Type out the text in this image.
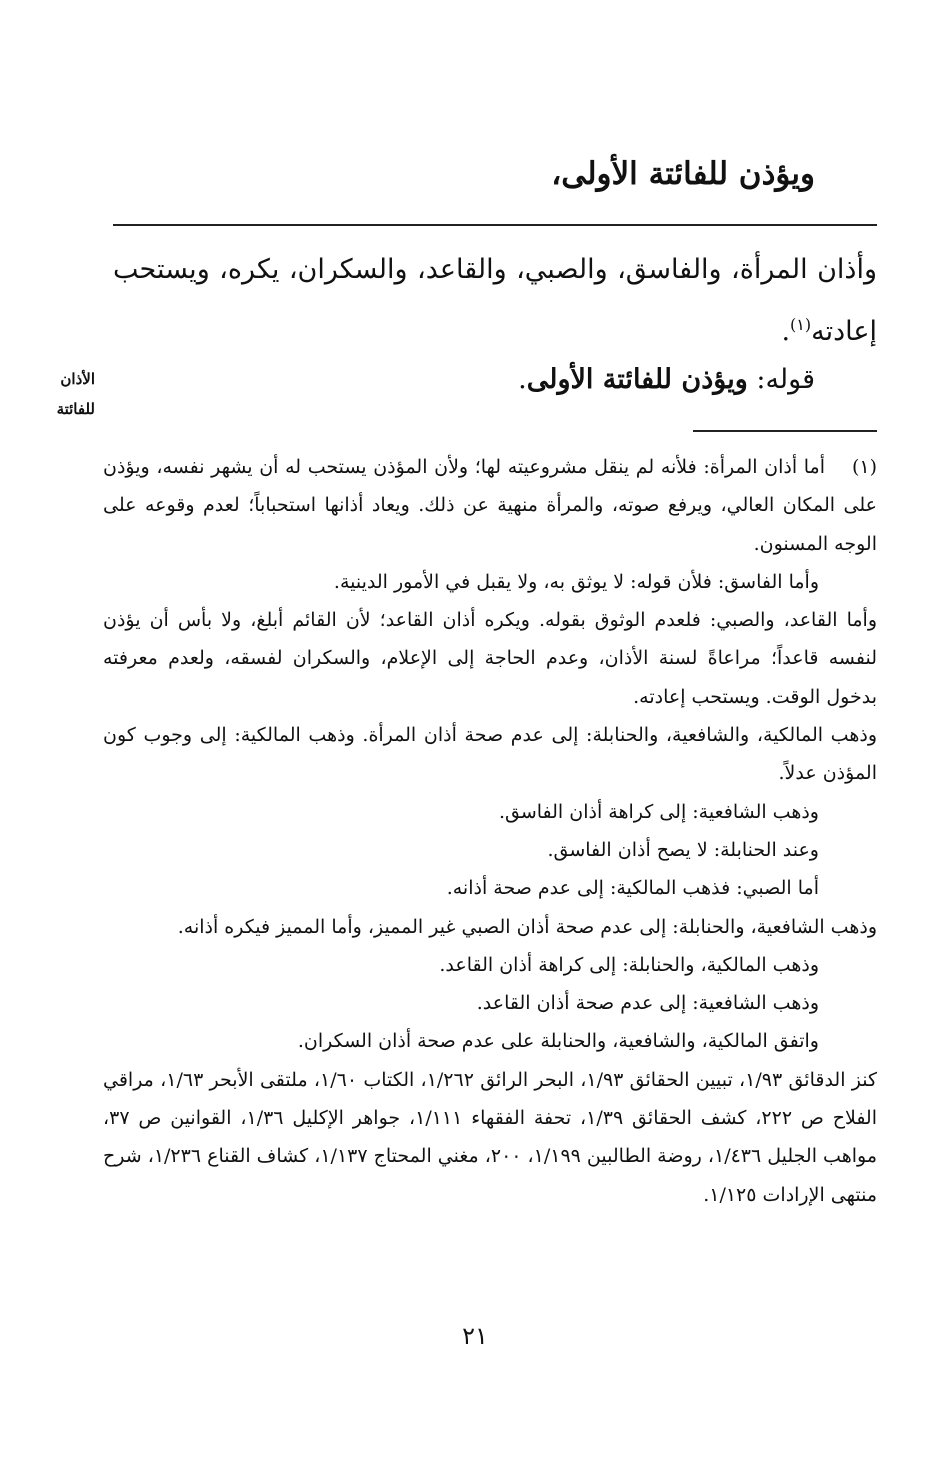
ويؤذن للفائتة الأولى،

وأذان المرأة، والفاسق، والصبي، والقاعد، والسكران، يكره، ويستحب إعادته$^{(١)}$.

الأذان
للفائتة

قوله: ويؤذن للفائتة الأولى.

(١)أما أذان المرأة: فلأنه لم ينقل مشروعيته لها؛ ولأن المؤذن يستحب له أن يشهر نفسه، ويؤذن على المكان العالي، ويرفع صوته، والمرأة منهية عن ذلك. ويعاد أذانها استحباباً؛ لعدم وقوعه على الوجه المسنون.

وأما الفاسق: فلأن قوله: لا يوثق به، ولا يقبل في الأمور الدينية.

وأما القاعد، والصبي: فلعدم الوثوق بقوله. ويكره أذان القاعد؛ لأن القائم أبلغ، ولا بأس أن يؤذن لنفسه قاعداً؛ مراعاةً لسنة الأذان، وعدم الحاجة إلى الإعلام، والسكران لفسقه، ولعدم معرفته بدخول الوقت. ويستحب إعادته.

وذهب المالكية، والشافعية، والحنابلة: إلى عدم صحة أذان المرأة. وذهب المالكية: إلى وجوب كون المؤذن عدلاً.

وذهب الشافعية: إلى كراهة أذان الفاسق.

وعند الحنابلة: لا يصح أذان الفاسق.

أما الصبي: فذهب المالكية: إلى عدم صحة أذانه.

وذهب الشافعية، والحنابلة: إلى عدم صحة أذان الصبي غير المميز، وأما المميز فيكره أذانه.

وذهب المالكية، والحنابلة: إلى كراهة أذان القاعد.

وذهب الشافعية: إلى عدم صحة أذان القاعد.

واتفق المالكية، والشافعية، والحنابلة على عدم صحة أذان السكران.

كنز الدقائق ١/٩٣، تبيين الحقائق ١/٩٣، البحر الرائق ١/٢٦٢، الكتاب ١/٦٠، ملتقى الأبحر ١/٦٣، مراقي الفلاح ص ٢٢٢، كشف الحقائق ١/٣٩، تحفة الفقهاء ١/١١١، جواهر الإكليل ١/٣٦، القوانين ص ٣٧، مواهب الجليل ١/٤٣٦، روضة الطالبين ١/١٩٩، ٢٠٠، مغني المحتاج ١/١٣٧، كشاف القناع ١/٢٣٦، شرح منتهى الإرادات ١/١٢٥.

٢١
